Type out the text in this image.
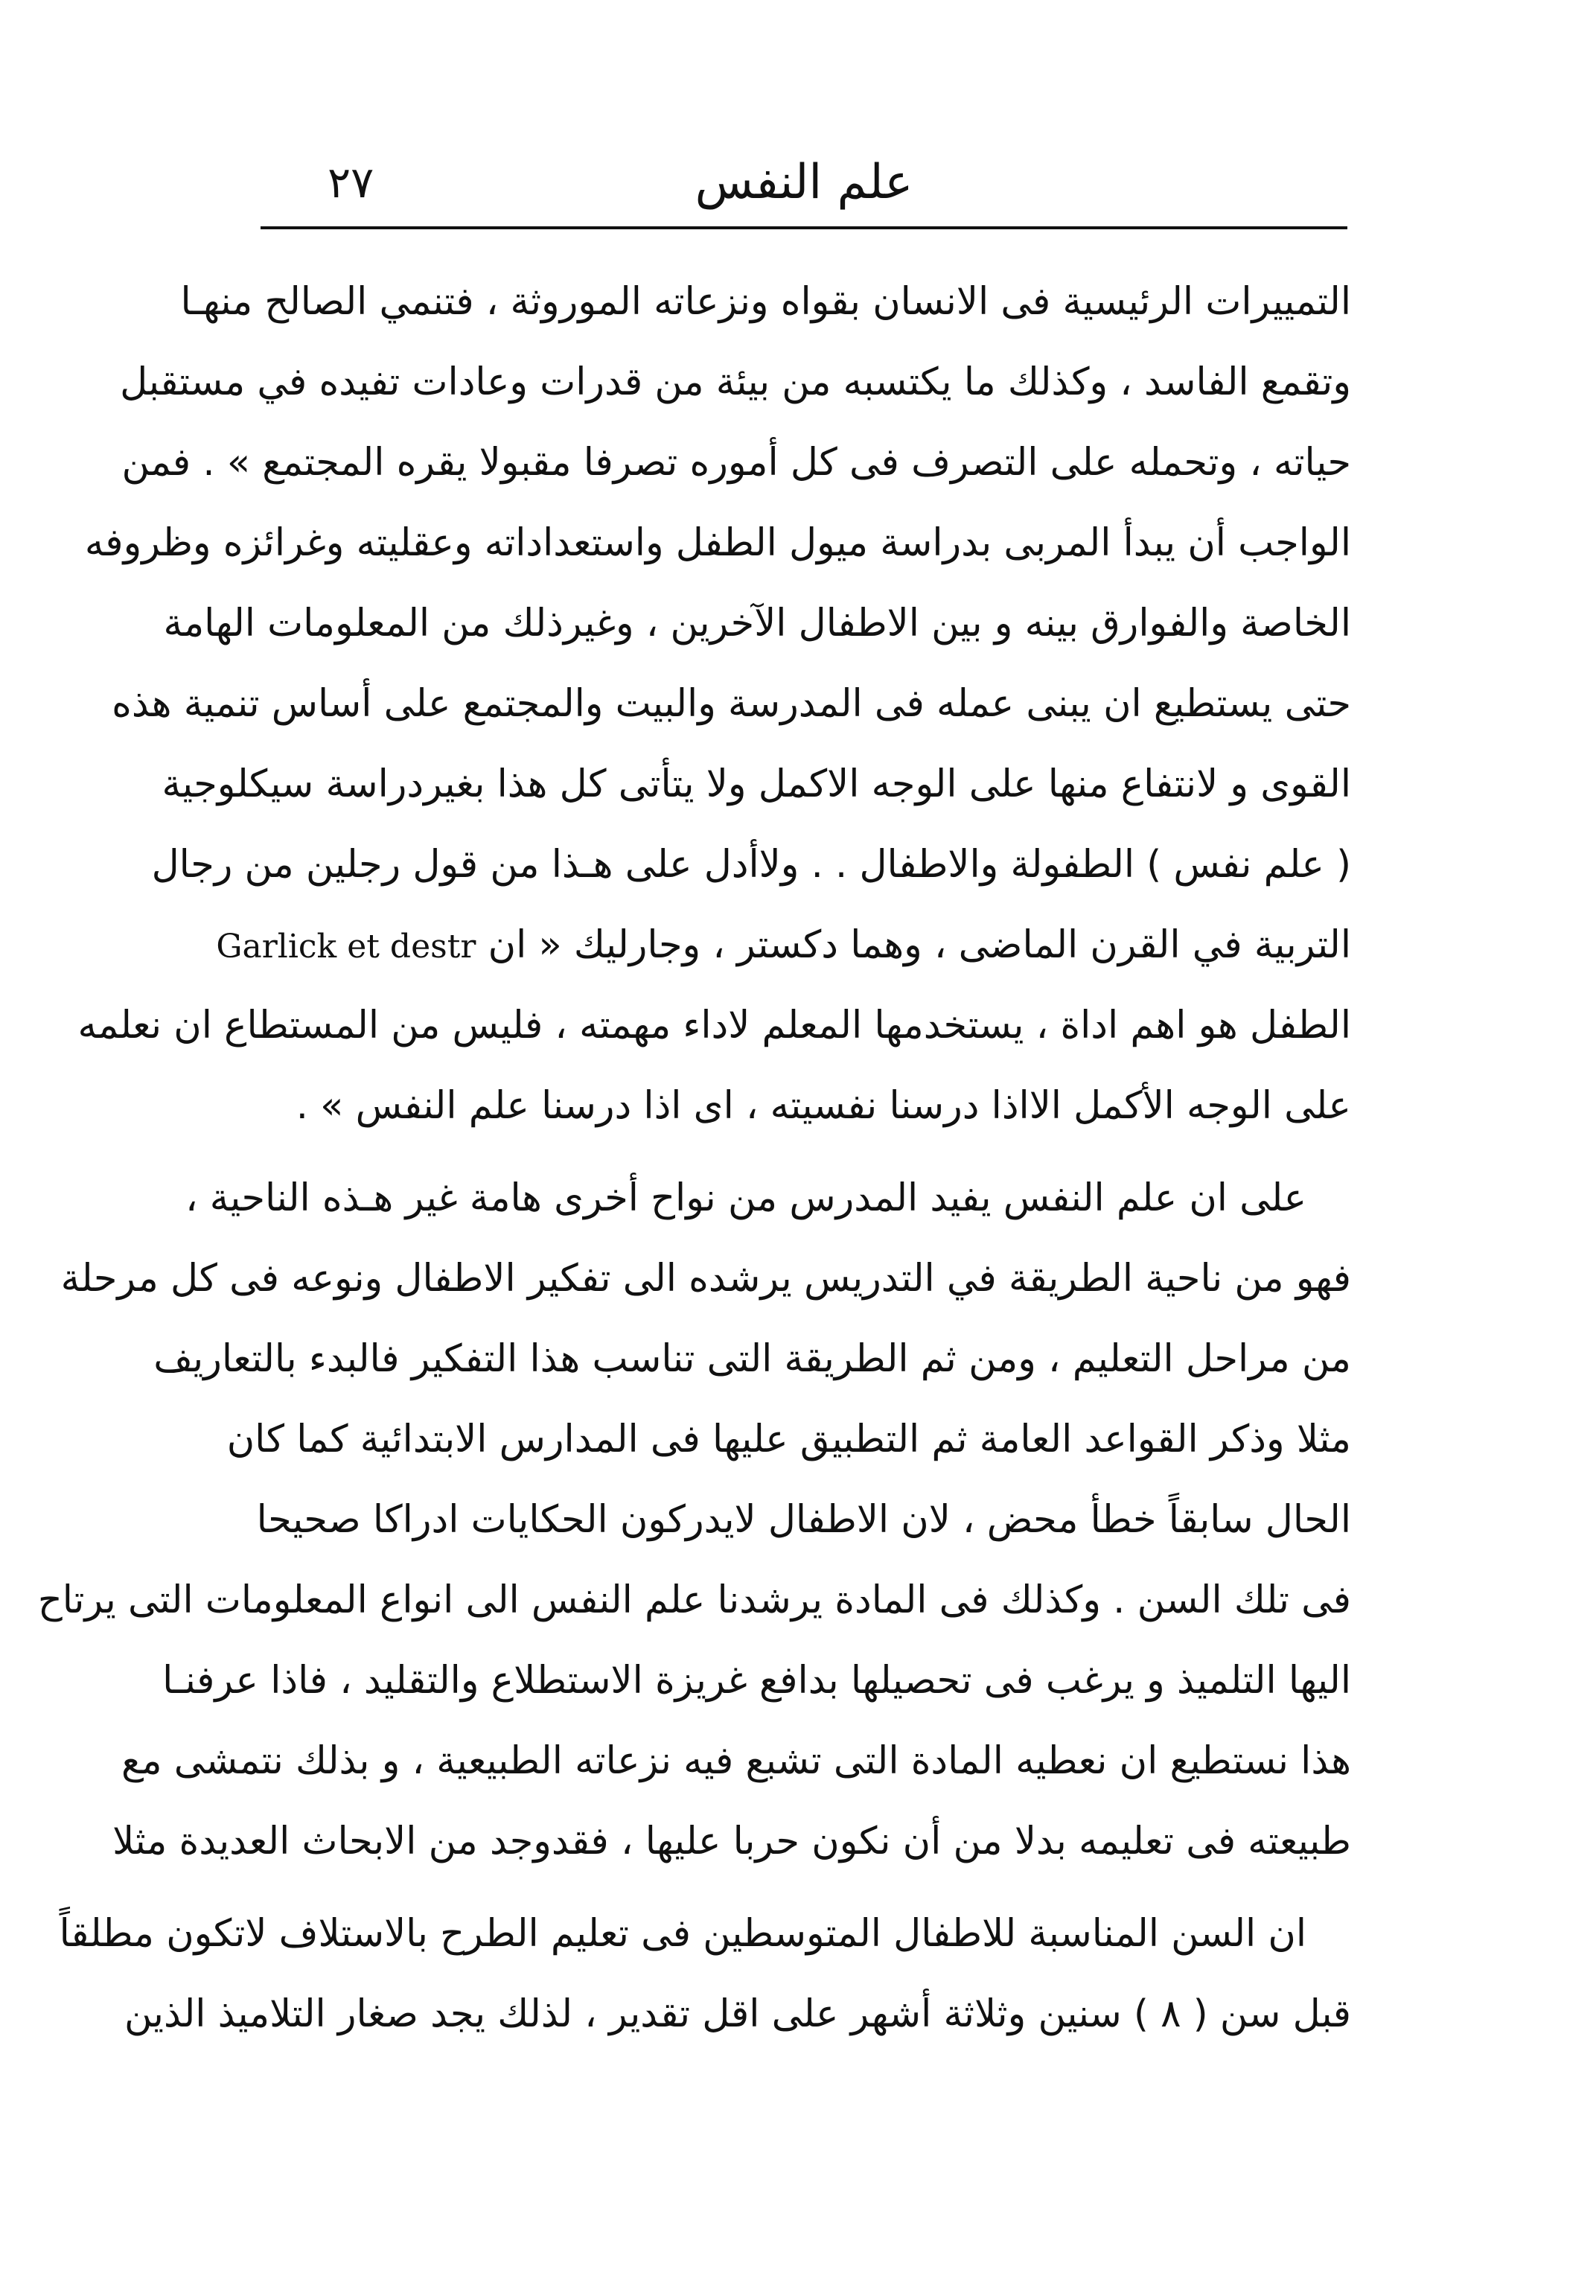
علم النفس
٢٧
التمييرات الرئيسية فى الانسان بقواه ونزعاته الموروثة ، فتنمي الصالح منهـا
وتقمع الفاسد ، وكذلك ما يكتسبه من بيئة من قدرات وعادات تفيده في مستقبل
حياته ، وتحمله على التصرف فى كل أموره تصرفا مقبولا يقره المجتمع » . فمن
الواجب أن يبدأ المربى بدراسة ميول الطفل واستعداداته وعقليته وغرائزه وظروفه
الخاصة والفوارق بينه و بين الاطفال الآخرين ، وغيرذلك من المعلومات الهامة
حتى يستطيع ان يبنى عمله فى المدرسة والبيت والمجتمع على أساس تنمية هذه
القوى و لانتفاع منها على الوجه الاكمل ولا يتأتى كل هذا بغيردراسة سيكلوجية
( علم نفس ) الطفولة والاطفال . . ولاأدل على هـذا من قول رجلين من رجال
التربية في القرن الماضى ، وهما دكستر ، وجارليك « ان Garlick et destr
الطفل هو اهم اداة ، يستخدمها المعلم لاداء مهمته ، فليس من المستطاع ان نعلمه
على الوجه الأكمل الااذا درسنا نفسيته ، اى اذا درسنا علم النفس » .
على ان علم النفس يفيد المدرس من نواح أخرى هامة غير هـذه الناحية ،
فهو من ناحية الطريقة في التدريس يرشده الى تفكير الاطفال ونوعه فى كل مرحلة
من مراحل التعليم ، ومن ثم الطريقة التى تناسب هذا التفكير فالبدء بالتعاريف
مثلا وذكر القواعد العامة ثم التطبيق عليها فى المدارس الابتدائية كما كان
الحال سابقاً خطأ محض ، لان الاطفال لايدركون الحكايات ادراكا صحيحا
فى تلك السن . وكذلك فى المادة يرشدنا علم النفس الى انواع المعلومات التى يرتاح
اليها التلميذ و يرغب فى تحصيلها بدافع غريزة الاستطلاع والتقليد ، فاذا عرفنـا
هذا نستطيع ان نعطيه المادة التى تشبع فيه نزعاته الطبيعية ، و بذلك نتمشى مع
طبيعته فى تعليمه بدلا من أن نكون حربا عليها ، فقدوجد من الابحاث العديدة مثلا
ان السن المناسبة للاطفال المتوسطين فى تعليم الطرح بالاستلاف لاتكون مطلقاً
قبل سن ( ٨ ) سنين وثلاثة أشهر على اقل تقدير ، لذلك يجد صغار التلاميذ الذين
